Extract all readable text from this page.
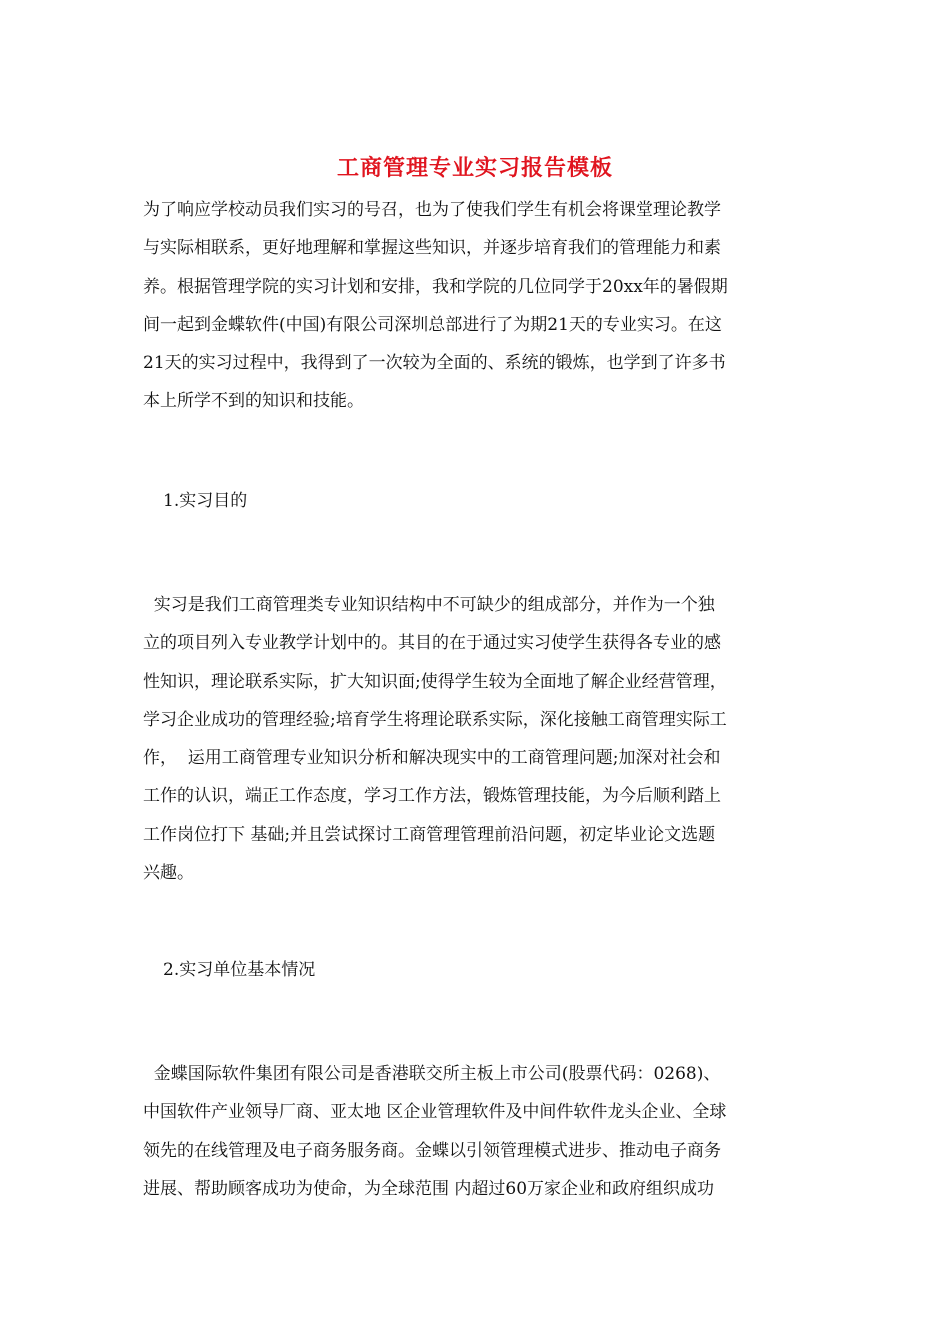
工商管理专业实习报告模板
为了响应学校动员我们实习的号召，也为了使我们学生有机会将课堂理论教学
与实际相联系，更好地理解和掌握这些知识，并逐步培育我们的管理能力和素
养。根据管理学院的实习计划和安排，我和学院的几位同学于20xx年的暑假期
间一起到金蝶软件(中国)有限公司深圳总部进行了为期21天的专业实习。在这
21天的实习过程中，我得到了一次较为全面的、系统的锻炼，也学到了许多书
本上所学不到的知识和技能。
1.实习目的
实习是我们工商管理类专业知识结构中不可缺少的组成部分，并作为一个独
立的项目列入专业教学计划中的。其目的在于通过实习使学生获得各专业的感
性知识，理论联系实际，扩大知识面;使得学生较为全面地了解企业经营管理，
学习企业成功的管理经验;培育学生将理论联系实际，深化接触工商管理实际工
作，  运用工商管理专业知识分析和解决现实中的工商管理问题;加深对社会和
工作的认识，端正工作态度，学习工作方法，锻炼管理技能，为今后顺利踏上
工作岗位打下 基础;并且尝试探讨工商管理管理前沿问题，初定毕业论文选题
兴趣。
2.实习单位基本情况
金蝶国际软件集团有限公司是香港联交所主板上市公司(股票代码：0268)、
中国软件产业领导厂商、亚太地 区企业管理软件及中间件软件龙头企业、全球
领先的在线管理及电子商务服务商。金蝶以引领管理模式进步、推动电子商务
进展、帮助顾客成功为使命，为全球范围 内超过60万家企业和政府组织成功
